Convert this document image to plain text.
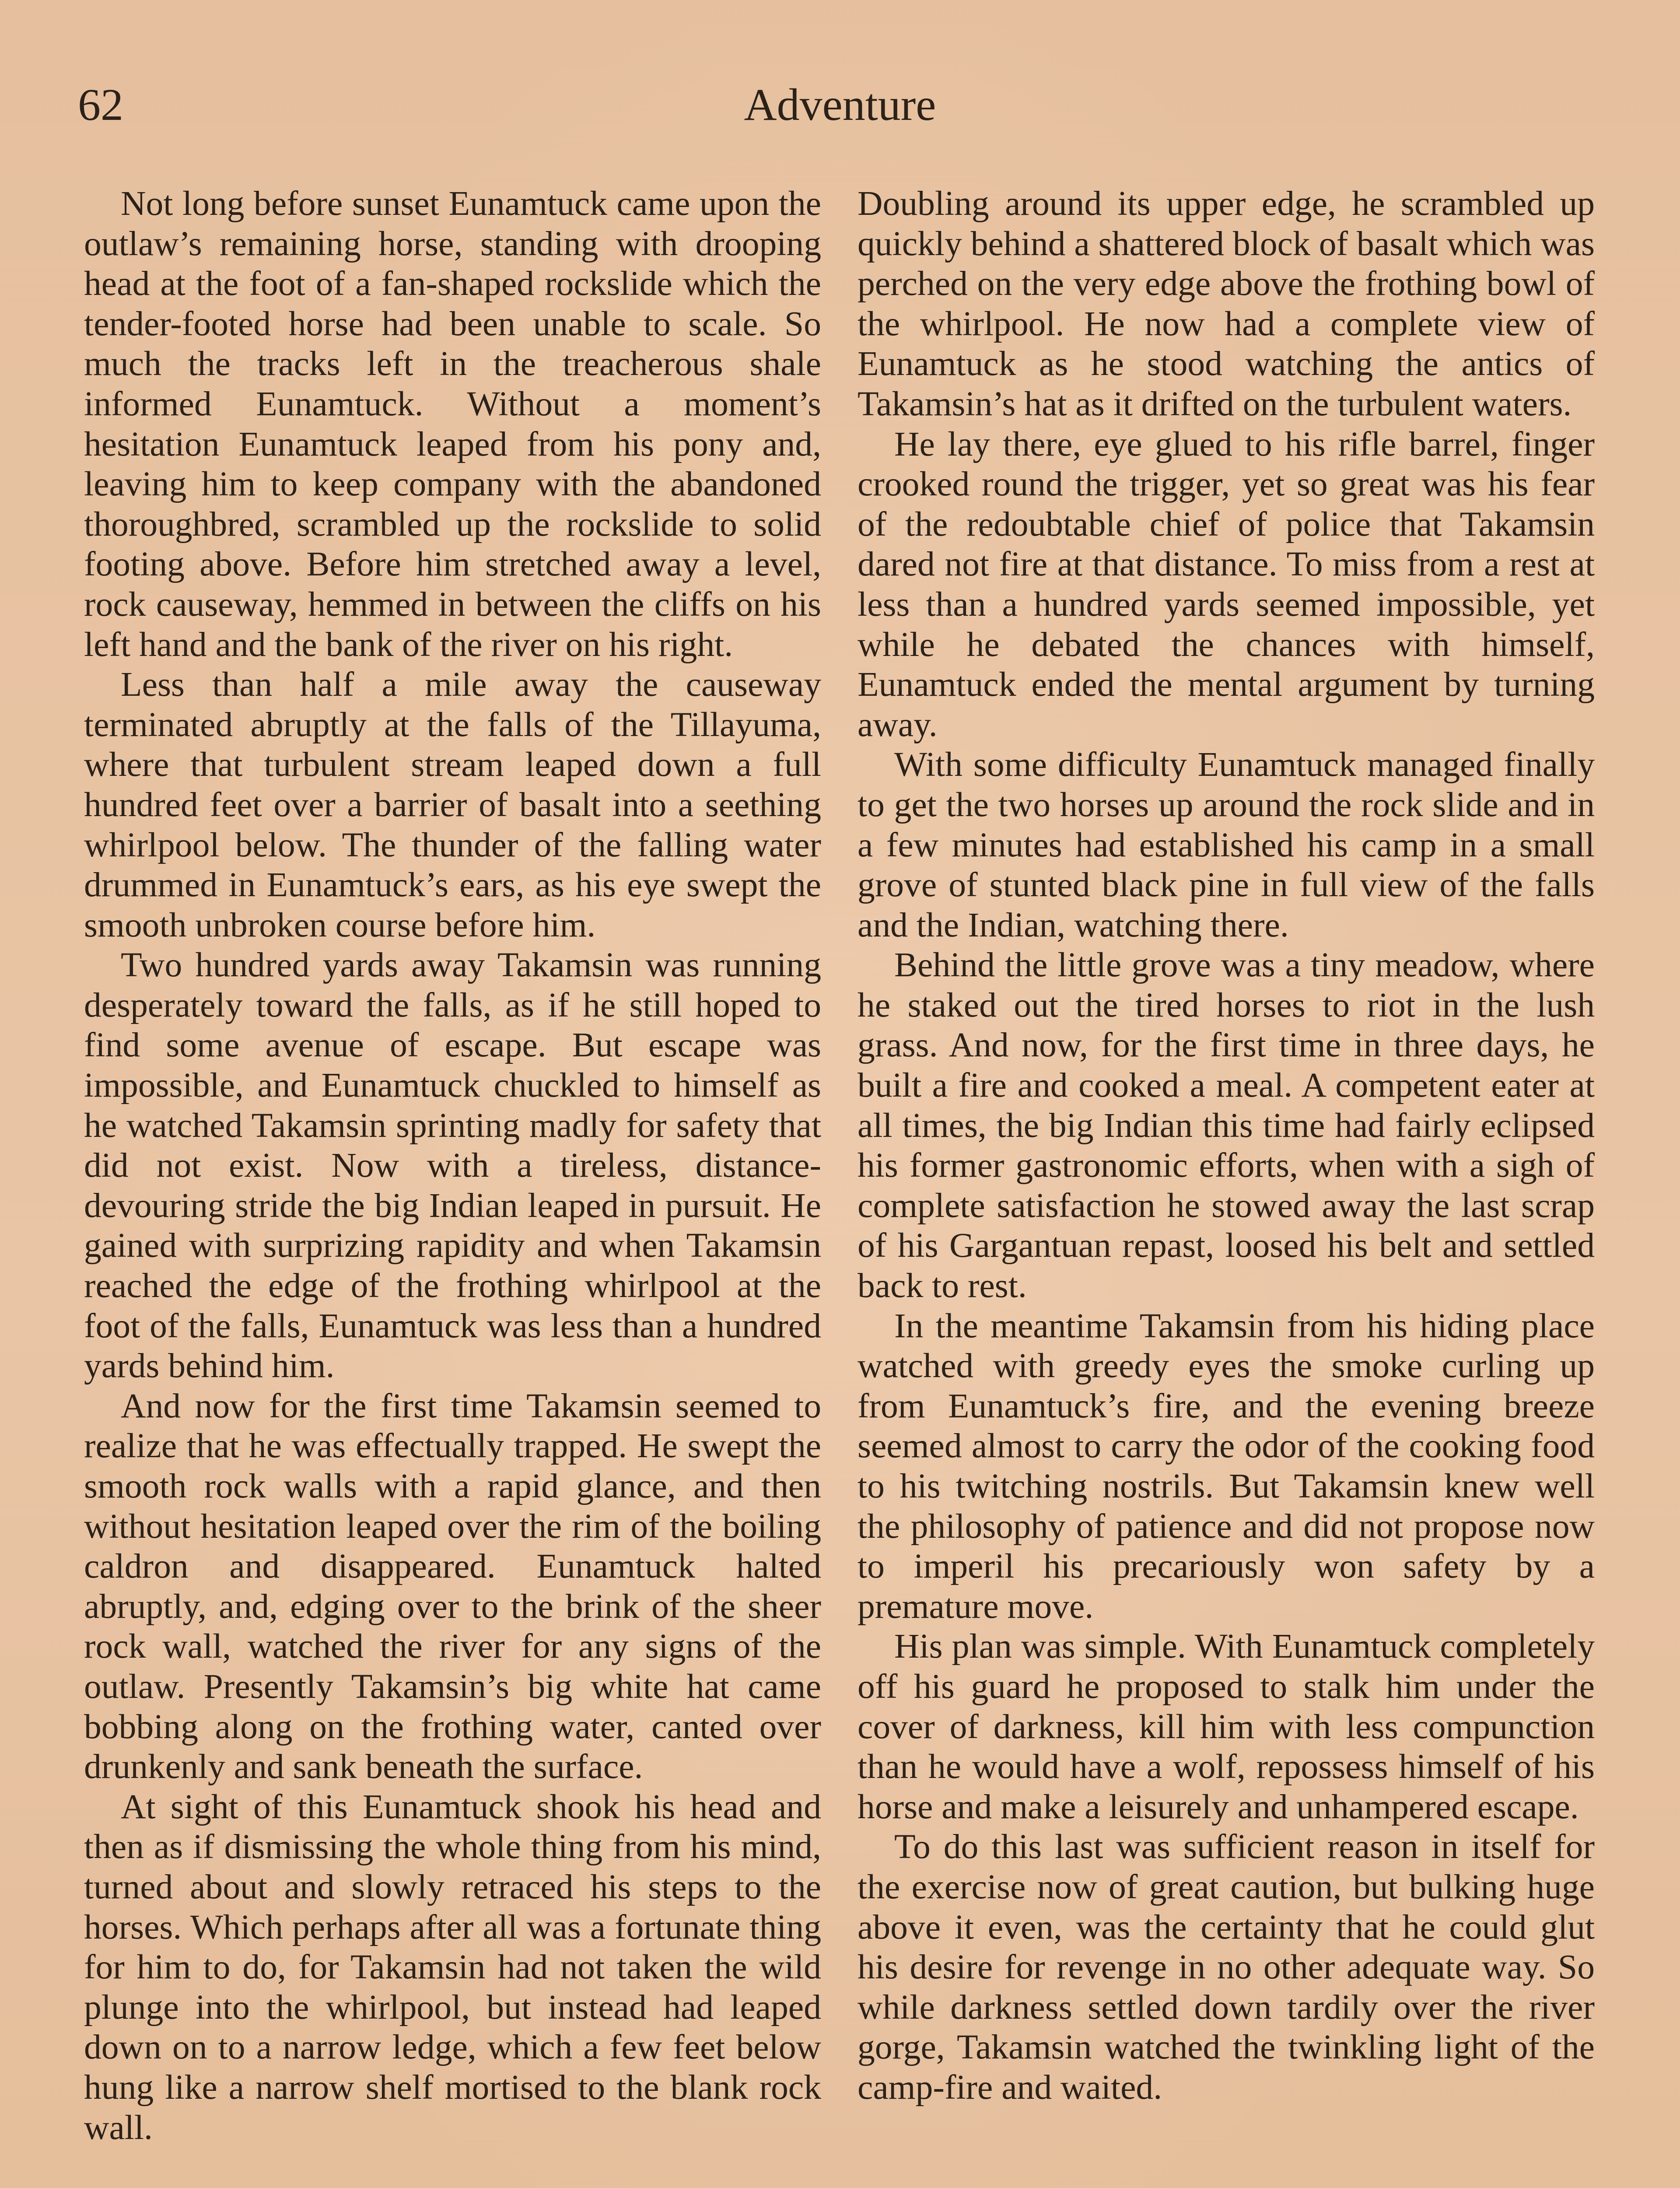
62	Adventure

Not long before sunset Eunamtuck came upon the outlaw’s remaining horse, standing with drooping head at the foot of a fan-shaped rockslide which the tender-footed horse had been unable to scale. So much the tracks left in the treacherous shale informed Eunamtuck. Without a moment’s hesitation Eunamtuck leaped from his pony and, leaving him to keep company with the abandoned thoroughbred, scrambled up the rockslide to solid footing above. Before him stretched away a level, rock causeway, hemmed in between the cliffs on his left hand and the bank of the river on his right.

Less than half a mile away the causeway terminated abruptly at the falls of the Tillayuma, where that turbulent stream leaped down a full hundred feet over a barrier of basalt into a seething whirlpool below. The thunder of the falling water drummed in Eunamtuck’s ears, as his eye swept the smooth unbroken course before him.

Two hundred yards away Takamsin was running desperately toward the falls, as if he still hoped to find some avenue of escape. But escape was impossible, and Eunamtuck chuckled to himself as he watched Takamsin sprinting madly for safety that did not exist. Now with a tireless, distance-devouring stride the big Indian leaped in pursuit. He gained with surprizing rapidity and when Takamsin reached the edge of the frothing whirlpool at the foot of the falls, Eunamtuck was less than a hundred yards behind him.

And now for the first time Takamsin seemed to realize that he was effectually trapped. He swept the smooth rock walls with a rapid glance, and then without hesitation leaped over the rim of the boiling caldron and disappeared. Eunamtuck halted abruptly, and, edging over to the brink of the sheer rock wall, watched the river for any signs of the outlaw. Presently Takamsin’s big white hat came bobbing along on the frothing water, canted over drunkenly and sank beneath the surface.

At sight of this Eunamtuck shook his head and then as if dismissing the whole thing from his mind, turned about and slowly retraced his steps to the horses. Which perhaps after all was a fortunate thing for him to do, for Takamsin had not taken the wild plunge into the whirlpool, but instead had leaped down on to a narrow ledge, which a few feet below hung like a narrow shelf mortised to the blank rock wall.

Doubling around its upper edge, he scrambled up quickly behind a shattered block of basalt which was perched on the very edge above the frothing bowl of the whirlpool. He now had a complete view of Eunamtuck as he stood watching the antics of Takamsin’s hat as it drifted on the turbulent waters.

He lay there, eye glued to his rifle barrel, finger crooked round the trigger, yet so great was his fear of the redoubtable chief of police that Takamsin dared not fire at that distance. To miss from a rest at less than a hundred yards seemed impossible, yet while he debated the chances with himself, Eunamtuck ended the mental argument by turning away.

With some difficulty Eunamtuck managed finally to get the two horses up around the rock slide and in a few minutes had established his camp in a small grove of stunted black pine in full view of the falls and the Indian, watching there.

Behind the little grove was a tiny meadow, where he staked out the tired horses to riot in the lush grass. And now, for the first time in three days, he built a fire and cooked a meal. A competent eater at all times, the big Indian this time had fairly eclipsed his former gastronomic efforts, when with a sigh of complete satisfaction he stowed away the last scrap of his Gargantuan repast, loosed his belt and settled back to rest.

In the meantime Takamsin from his hiding place watched with greedy eyes the smoke curling up from Eunamtuck’s fire, and the evening breeze seemed almost to carry the odor of the cooking food to his twitching nostrils. But Takamsin knew well the philosophy of patience and did not propose now to imperil his precariously won safety by a premature move.

His plan was simple. With Eunamtuck completely off his guard he proposed to stalk him under the cover of darkness, kill him with less compunction than he would have a wolf, repossess himself of his horse and make a leisurely and unhampered escape.

To do this last was sufficient reason in itself for the exercise now of great caution, but bulking huge above it even, was the certainty that he could glut his desire for revenge in no other adequate way. So while darkness settled down tardily over the river gorge, Takamsin watched the twinkling light of the camp-fire and waited.
